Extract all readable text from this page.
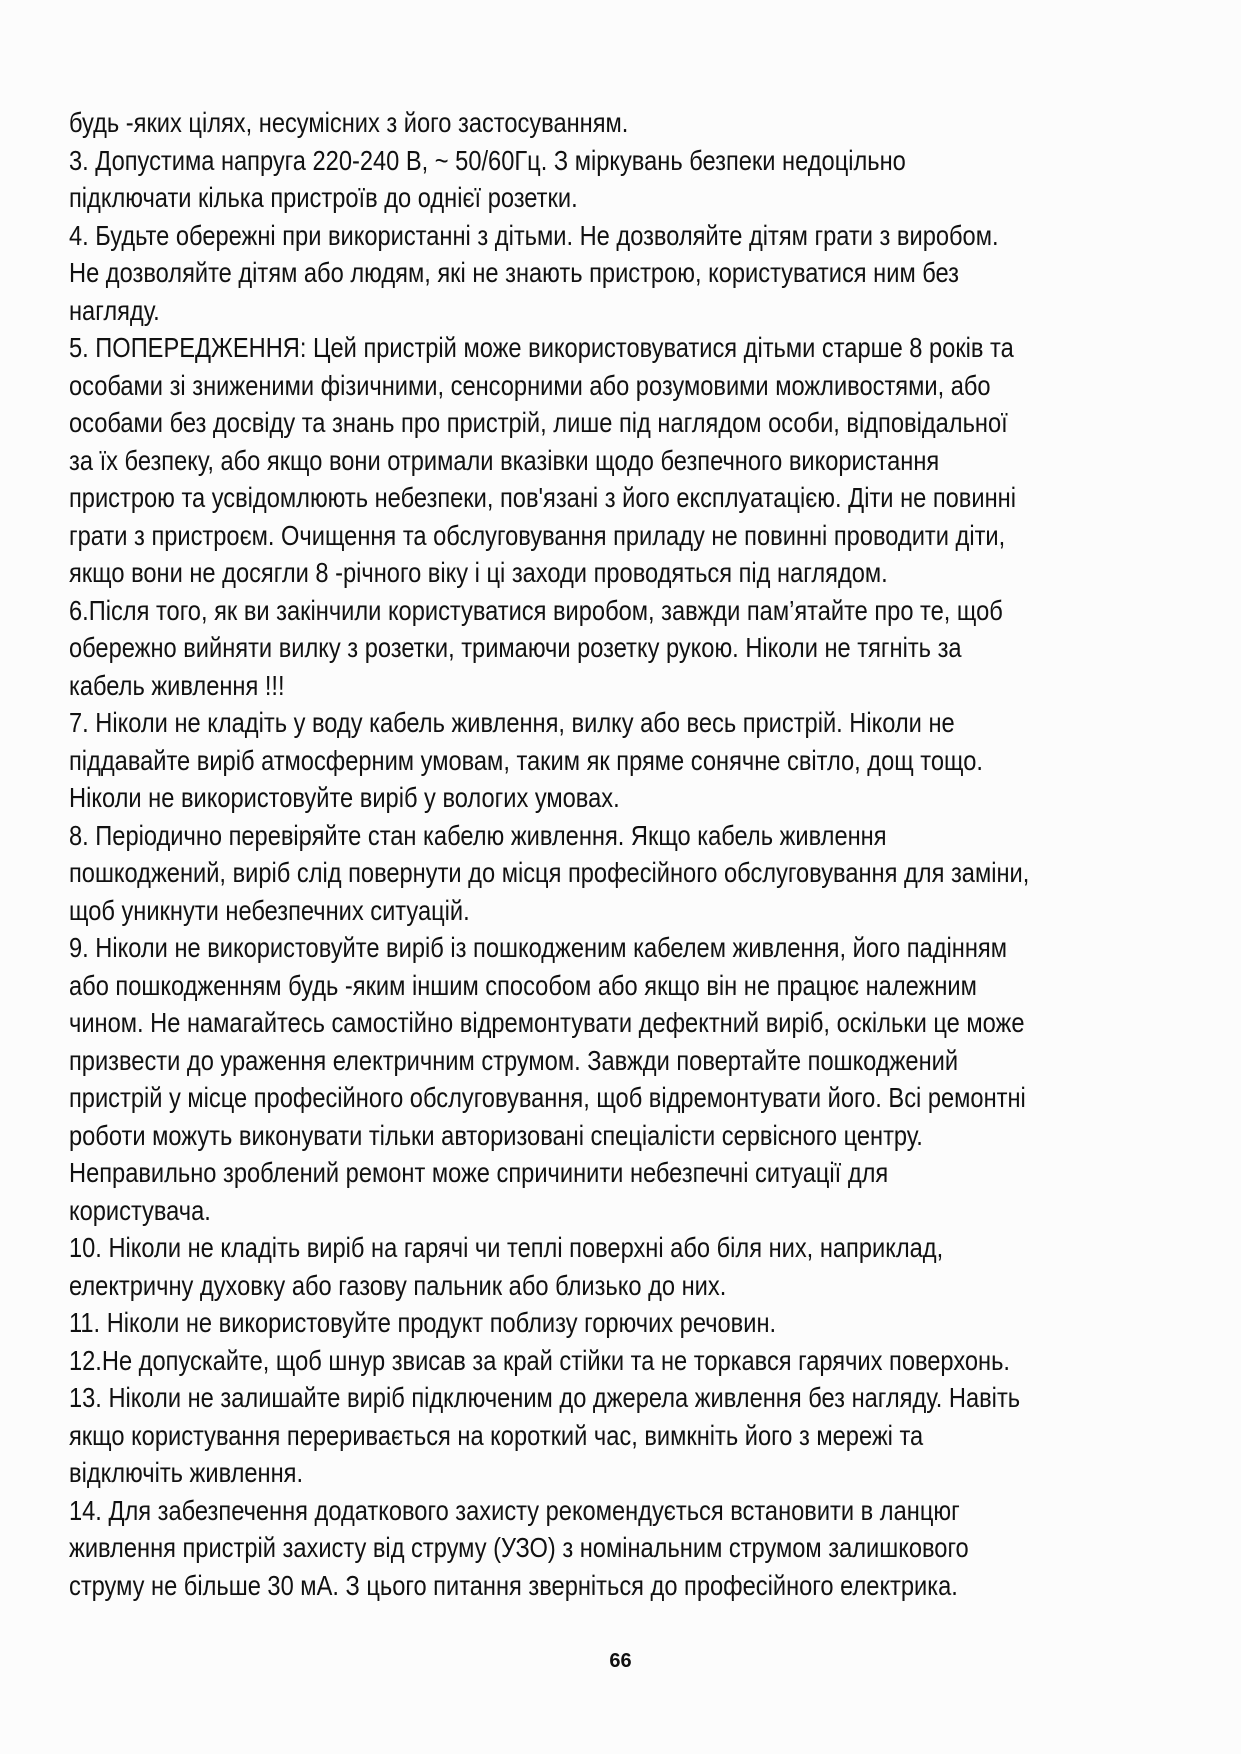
будь -яких цілях, несумісних з його застосуванням.
3. Допустима напруга 220-240 В, ~ 50/60Гц. З міркувань безпеки недоцільно
підключати кілька пристроїв до однієї розетки.
4. Будьте обережні при використанні з дітьми. Не дозволяйте дітям грати з виробом.
Не дозволяйте дітям або людям, які не знають пристрою, користуватися ним без
нагляду.
5. ПОПЕРЕДЖЕННЯ: Цей пристрій може використовуватися дітьми старше 8 років та
особами зі зниженими фізичними, сенсорними або розумовими можливостями, або
особами без досвіду та знань про пристрій, лише під наглядом особи, відповідальної
за їх безпеку, або якщо вони отримали вказівки щодо безпечного використання
пристрою та усвідомлюють небезпеки, пов'язані з його експлуатацією. Діти не повинні
грати з пристроєм. Очищення та обслуговування приладу не повинні проводити діти,
якщо вони не досягли 8 -річного віку і ці заходи проводяться під наглядом.
6.Після того, як ви закінчили користуватися виробом, завжди пам’ятайте про те, щоб
обережно вийняти вилку з розетки, тримаючи розетку рукою. Ніколи не тягніть за
кабель живлення !!!
7. Ніколи не кладіть у воду кабель живлення, вилку або весь пристрій. Ніколи не
піддавайте виріб атмосферним умовам, таким як пряме сонячне світло, дощ тощо.
Ніколи не використовуйте виріб у вологих умовах.
8. Періодично перевіряйте стан кабелю живлення. Якщо кабель живлення
пошкоджений, виріб слід повернути до місця професійного обслуговування для заміни,
щоб уникнути небезпечних ситуацій.
9. Ніколи не використовуйте виріб із пошкодженим кабелем живлення, його падінням
або пошкодженням будь -яким іншим способом або якщо він не працює належним
чином. Не намагайтесь самостійно відремонтувати дефектний виріб, оскільки це може
призвести до ураження електричним струмом. Завжди повертайте пошкоджений
пристрій у місце професійного обслуговування, щоб відремонтувати його. Всі ремонтні
роботи можуть виконувати тільки авторизовані спеціалісти сервісного центру.
Неправильно зроблений ремонт може спричинити небезпечні ситуації для
користувача.
10. Ніколи не кладіть виріб на гарячі чи теплі поверхні або біля них, наприклад,
електричну духовку або газову пальник або близько до них.
11. Ніколи не використовуйте продукт поблизу горючих речовин.
12.Не допускайте, щоб шнур звисав за край стійки та не торкався гарячих поверхонь.
13. Ніколи не залишайте виріб підключеним до джерела живлення без нагляду. Навіть
якщо користування переривається на короткий час, вимкніть його з мережі та
відключіть живлення.
14. Для забезпечення додаткового захисту рекомендується встановити в ланцюг
живлення пристрій захисту від струму (УЗО) з номінальним струмом залишкового
струму не більше 30 мА. З цього питання зверніться до професійного електрика.
66
